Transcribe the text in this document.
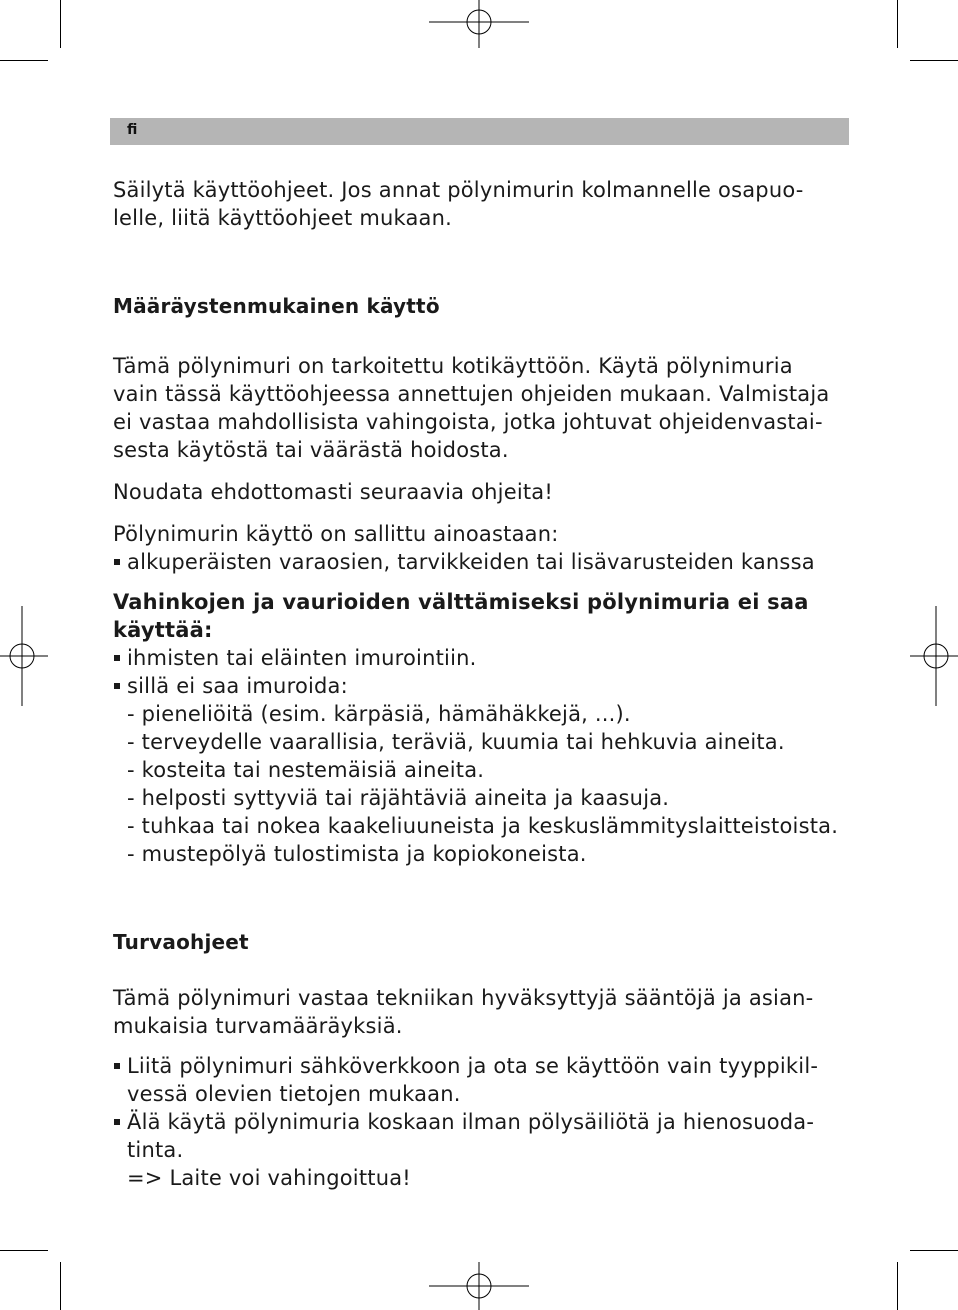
fi
Säilytä käyttöohjeet. Jos annat pölynimurin kolmannelle osapuo-
lelle, liitä käyttöohjeet mukaan.
Määräystenmukainen käyttö
Tämä pölynimuri on tarkoitettu kotikäyttöön. Käytä pölynimuria
vain tässä käyttöohjeessa annettujen ohjeiden mukaan. Valmistaja
ei vastaa mahdollisista vahingoista, jotka johtuvat ohjeidenvastai-
sesta käytöstä tai väärästä hoidosta.
Noudata ehdottomasti seuraavia ohjeita!
Pölynimurin käyttö on sallittu ainoastaan:
alkuperäisten varaosien, tarvikkeiden tai lisävarusteiden kanssa
Vahinkojen ja vaurioiden välttämiseksi pölynimuria ei saa
käyttää:
ihmisten tai eläinten imurointiin.
sillä ei saa imuroida:
- pieneliöitä (esim. kärpäsiä, hämähäkkejä, ...).
- terveydelle vaarallisia, teräviä, kuumia tai hehkuvia aineita.
- kosteita tai nestemäisiä aineita.
- helposti syttyviä tai räjähtäviä aineita ja kaasuja.
- tuhkaa tai nokea kaakeliuuneista ja keskuslämmityslaitteistoista.
- mustepölyä tulostimista ja kopiokoneista.
Turvaohjeet
Tämä pölynimuri vastaa tekniikan hyväksyttyjä sääntöjä ja asian-
mukaisia turvamääräyksiä.
Liitä pölynimuri sähköverkkoon ja ota se käyttöön vain tyyppikil-
vessä olevien tietojen mukaan.
Älä käytä pölynimuria koskaan ilman pölysäiliötä ja hienosuoda-
tinta.
=> Laite voi vahingoittua!
